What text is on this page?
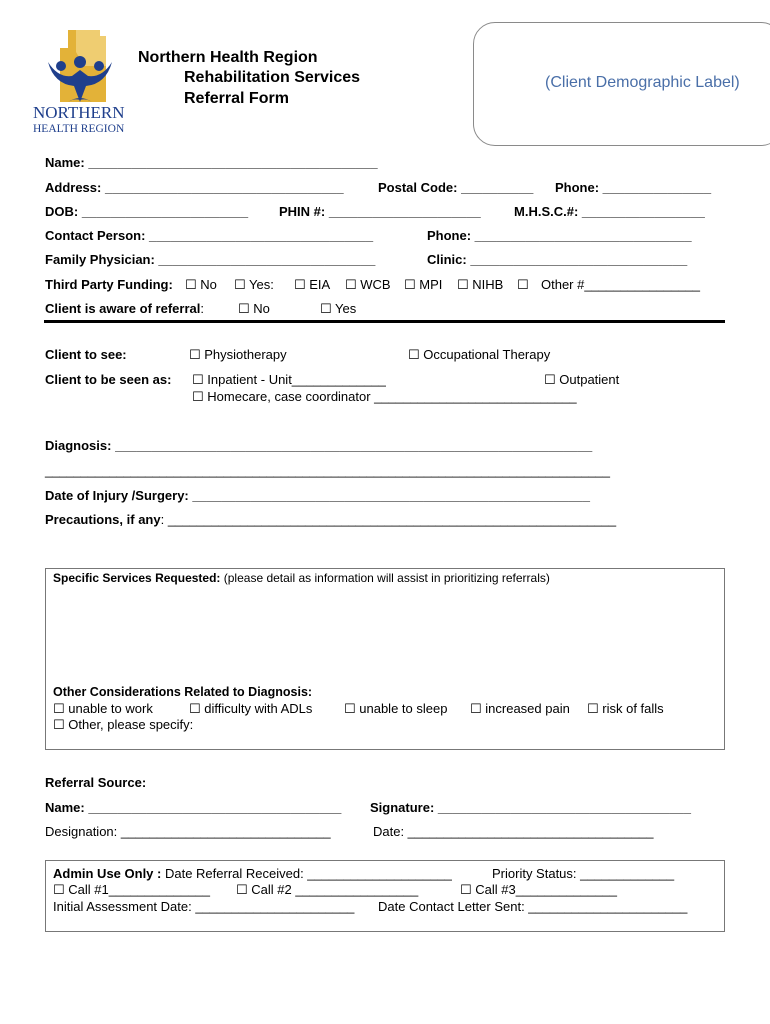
NORTHERN
HEALTH REGION
Northern Health Region
Rehabilitation Services
Referral Form
(Client Demographic Label)
Name: ________________________________________
Address: _________________________________	Postal Code: __________ Phone: _______________
DOB: _______________________ PHIN #: _____________________	M.H.S.C.#: _________________
Contact Person: _______________________________	Phone: ______________________________
Family Physician: ______________________________	Clinic: ______________________________
Third Party Funding: ☐ No ☐ Yes: ☐ EIA ☐ WCB ☐ MPI ☐ NIHB ☐ Other #________________
Client is aware of referral:	☐ No	☐ Yes
Client to see:	☐ Physiotherapy	☐ Occupational Therapy
Client to be seen as: ☐ Inpatient - Unit_____________	☐ Outpatient
☐ Homecare, case coordinator ____________________________
Diagnosis: __________________________________________________________________
_______________________________________________________________________________
Date of Injury /Surgery: _______________________________________________________
Precautions, if any: ______________________________________________________________
Specific Services Requested: (please detail as information will assist in prioritizing referrals)
Other Considerations Related to Diagnosis:
☐ unable to work	☐ difficulty with ADLs ☐ unable to sleep ☐ increased pain ☐ risk of falls
☐ Other, please specify:
Referral Source:
Name: ___________________________________ Signature: ___________________________________
Designation: _____________________________	Date: __________________________________
Admin Use Only : Date Referral Received: ____________________	Priority Status: _____________
☐ Call #1______________ ☐ Call #2 _________________	☐ Call #3______________
Initial Assessment Date: ______________________ Date Contact Letter Sent: ______________________
